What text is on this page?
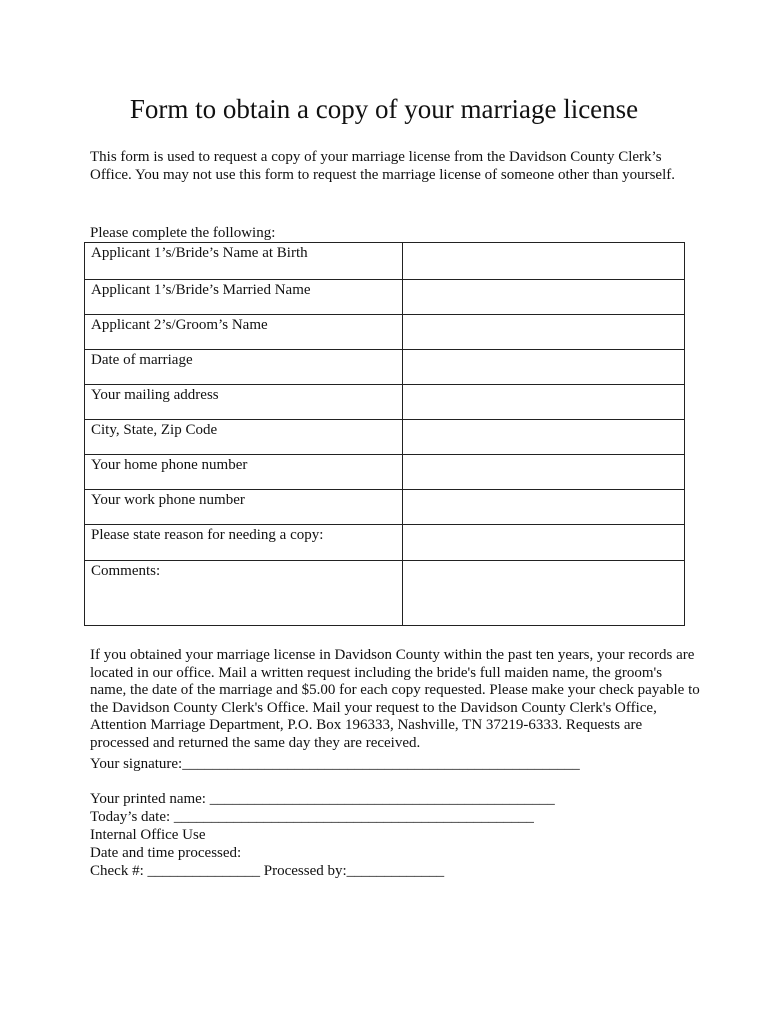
Form to obtain a copy of your marriage license

This form is used to request a copy of your marriage license from the Davidson County Clerk’s Office. You may not use this form to request the marriage license of someone other than yourself.

Please complete the following:

Applicant 1’s/Bride’s Name at Birth	
Applicant 1’s/Bride’s Married Name	
Applicant 2’s/Groom’s Name	
Date of marriage	
Your mailing address	
City, State, Zip Code	
Your home phone number	
Your work phone number	
Please state reason for needing a copy:	
Comments:	

If you obtained your marriage license in Davidson County within the past ten years, your records are located in our office. Mail a written request including the bride's full maiden name, the groom's name, the date of the marriage and $5.00 for each copy requested. Please make your check payable to the Davidson County Clerk's Office. Mail your request to the Davidson County Clerk's Office, Attention Marriage Department, P.O. Box 196333, Nashville, TN 37219-6333. Requests are processed and returned the same day they are received.

Your signature:_____________________________________________________

Your printed name: ______________________________________________

Today’s date: ________________________________________________

Internal Office Use

Date and time processed:

Check #: _______________ Processed by:_____________
